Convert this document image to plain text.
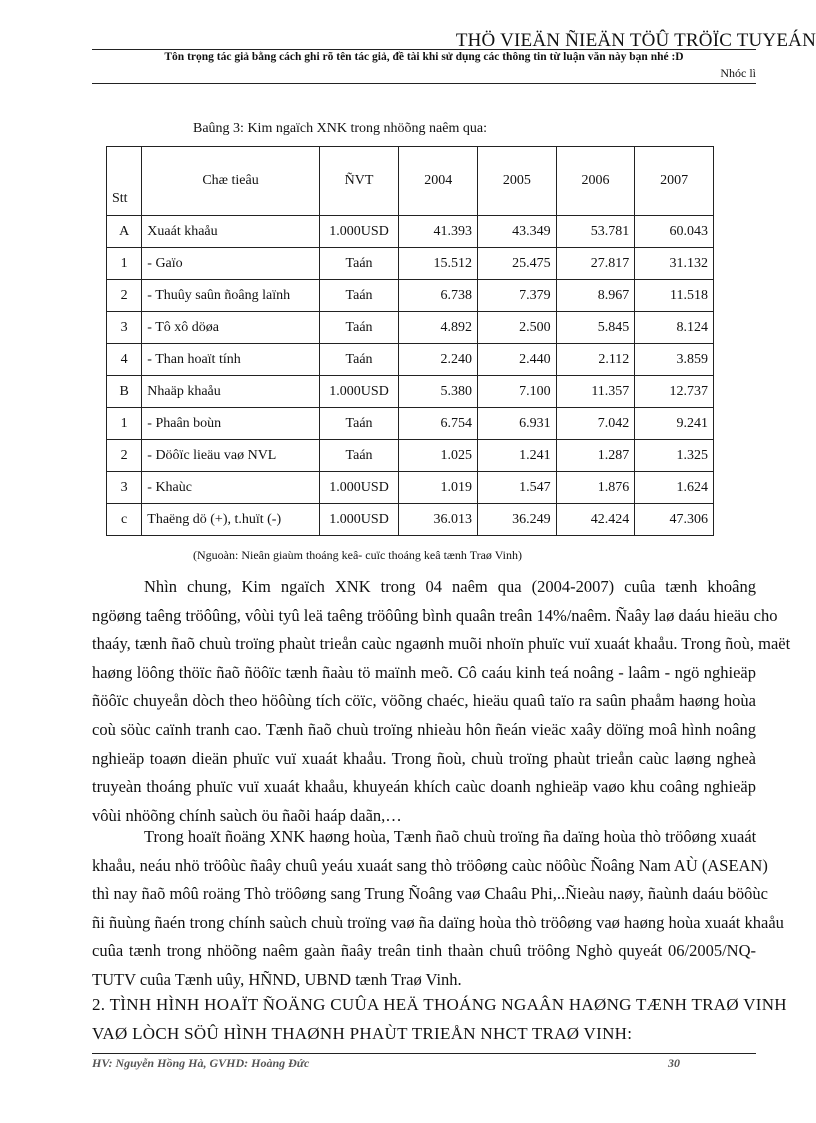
THÖ VIEÄN ÑIEÄN TÖÛ TRÖÏC TUYEÁN
Tôn trọng tác giả bằng cách ghi rõ tên tác giả, đề tài khi sử dụng các thông tin từ luận văn này bạn nhé :D
Nhóc lì
Baûng 3: Kim ngaïch XNK trong nhöõng naêm qua:
Stt	Chæ tieâu	ÑVT	2004	2005	2006	2007
A	Xuaát khaåu	1.000USD	41.393	43.349	53.781	60.043
1	- Gaïo	Taán	15.512	25.475	27.817	31.132
2	- Thuûy saûn ñoâng laïnh	Taán	6.738	7.379	8.967	11.518
3	- Tô xô döøa	Taán	4.892	2.500	5.845	8.124
4	- Than hoaït tính	Taán	2.240	2.440	2.112	3.859
B	Nhaäp khaåu	1.000USD	5.380	7.100	11.357	12.737
1	- Phaân boùn	Taán	6.754	6.931	7.042	9.241
2	- Döôïc lieäu vaø NVL	Taán	1.025	1.241	1.287	1.325
3	- Khaùc	1.000USD	1.019	1.547	1.876	1.624
c	Thaëng dö (+), t.huït (-)	1.000USD	36.013	36.249	42.424	47.306
(Nguoàn: Nieân giaùm thoáng keâ- cuïc thoáng keâ tænh Traø Vinh)
Nhìn chung, Kim ngaïch XNK trong 04 naêm qua (2004-2007) cuûa tænh khoâng
ngöøng taêng tröôûng, vôùi tyû leä taêng tröôûng bình quaân treân 14%/naêm. Ñaây laø daáu hieäu cho
thaáy, tænh ñaõ chuù troïng phaùt trieån caùc ngaønh muõi nhoïn phuïc vuï xuaát khaåu. Trong ñoù, maët
haøng löông thöïc ñaõ ñöôïc tænh ñaàu tö maïnh meõ. Cô caáu kinh teá noâng - laâm - ngö nghieäp
ñöôïc chuyeån dòch theo höôùng tích cöïc, vöõng chaéc, hieäu quaû taïo ra saûn phaåm haøng hoùa
coù söùc caïnh tranh cao. Tænh ñaõ chuù troïng nhieàu hôn ñeán vieäc xaây döïng moâ hình noâng
nghieäp toaøn dieän phuïc vuï xuaát khaåu. Trong ñoù, chuù troïng phaùt trieån caùc laøng ngheà
truyeàn thoáng phuïc vuï xuaát khaåu, khuyeán khích caùc doanh nghieäp vaøo khu coâng nghieäp
vôùi nhöõng chính saùch öu ñaõi haáp daãn,…
Trong hoaït ñoäng XNK haøng hoùa, Tænh ñaõ chuù troïng ña daïng hoùa thò tröôøng xuaát
khaåu, neáu nhö tröôùc ñaây chuû yeáu xuaát sang thò tröôøng caùc nöôùc Ñoâng Nam AÙ (ASEAN)
thì nay ñaõ môû roäng Thò tröôøng sang Trung Ñoâng vaø Chaâu Phi,..Ñieàu naøy, ñaùnh daáu böôùc
ñi ñuùng ñaén trong chính saùch chuù troïng vaø ña daïng hoùa thò tröôøng vaø haøng hoùa xuaát khaåu
cuûa tænh trong nhöõng naêm gaàn ñaây treân tinh thaàn chuû tröông Nghò quyeát 06/2005/NQ-
TUTV cuûa Tænh uûy, HÑND, UBND tænh Traø Vinh.
2. TÌNH HÌNH HOAÏT ÑOÄNG CUÛA HEÄ THOÁNG NGAÂN HAØNG TÆNH TRAØ VINH
VAØ LÒCH SÖÛ HÌNH THAØNH PHAÙT TRIEÅN NHCT TRAØ VINH:
HV: Nguyễn Hồng Hà, GVHD: Hoàng Đức	30
